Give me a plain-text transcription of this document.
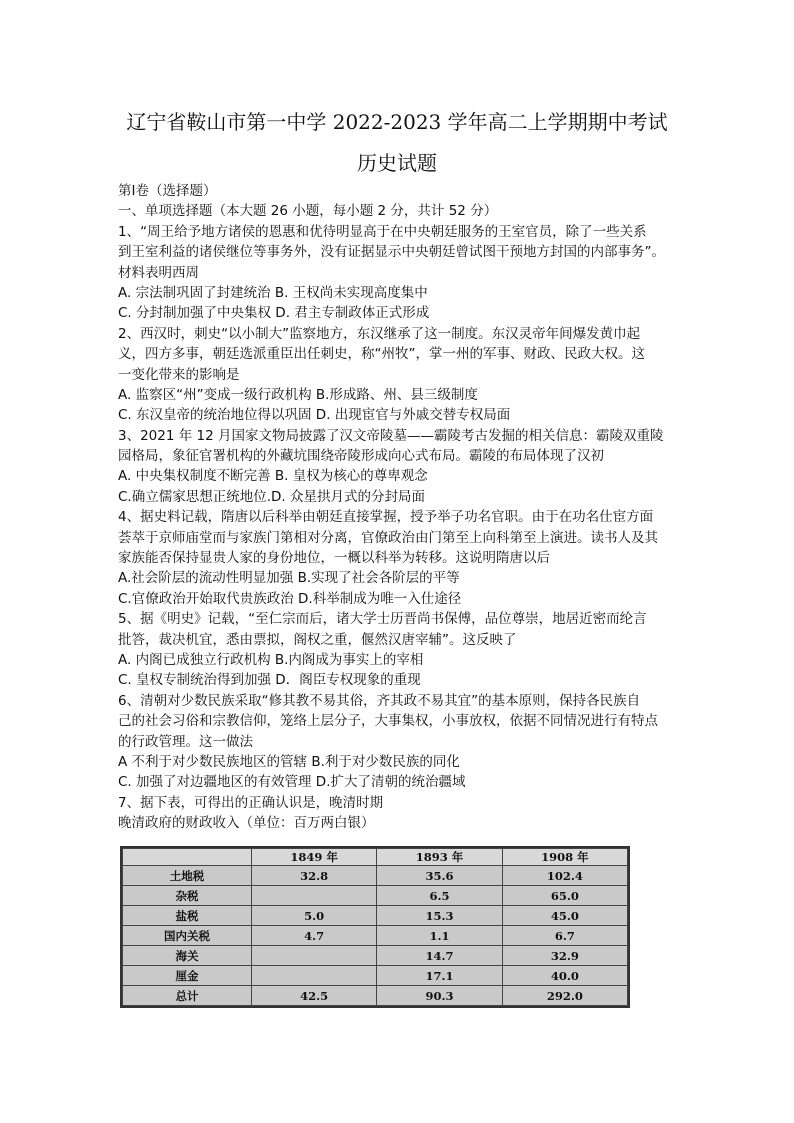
辽宁省鞍山市第一中学 2022-2023 学年高二上学期期中考试
历史试题
第Ⅰ卷（选择题）
一、单项选择题（本大题 26 小题，每小题 2 分，共计 52 分）
1、“周王给予地方诸侯的恩惠和优待明显高于在中央朝廷服务的王室官员，除了一些关系
到王室利益的诸侯继位等事务外，没有证据显示中央朝廷曾试图干预地方封国的内部事务”。
材料表明西周
A. 宗法制巩固了封建统治 B. 王权尚未实现高度集中
C. 分封制加强了中央集权 D. 君主专制政体正式形成
2、西汉时，刺史“以小制大”监察地方，东汉继承了这一制度。东汉灵帝年间爆发黄巾起
义，四方多事，朝廷选派重臣出任刺史，称“州牧”，掌一州的军事、财政、民政大权。这
一变化带来的影响是
A. 监察区“州”变成一级行政机构 B.形成路、州、县三级制度
C. 东汉皇帝的统治地位得以巩固 D. 出现宦官与外戚交替专权局面
3、2021 年 12 月国家文物局披露了汉文帝陵墓——霸陵考古发掘的相关信息：霸陵双重陵
园格局，象征官署机构的外藏坑围绕帝陵形成向心式布局。霸陵的布局体现了汉初
A. 中央集权制度不断完善 B. 皇权为核心的尊卑观念
C.确立儒家思想正统地位.D. 众星拱月式的分封局面
4、据史料记载，隋唐以后科举由朝廷直接掌握，授予举子功名官职。由于在功名仕宦方面
荟萃于京师庙堂而与家族门第相对分离，官僚政治由门第至上向科第至上演进。读书人及其
家族能否保持显贵人家的身份地位，一概以科举为转移。这说明隋唐以后
A.社会阶层的流动性明显加强 B.实现了社会各阶层的平等
C.官僚政治开始取代贵族政治 D.科举制成为唯一入仕途径
5、据《明史》记载，“至仁宗而后，诸大学士历晋尚书保傅，品位尊崇，地居近密而纶言
批答，裁决机宜，悉由票拟，阁权之重，偃然汉唐宰辅”。这反映了
A. 内阁已成独立行政机构 B.内阁成为事实上的宰相
C. 皇权专制统治得到加强 D．阁臣专权现象的重现
6、清朝对少数民族采取“修其教不易其俗，齐其政不易其宜”的基本原则，保持各民族自
己的社会习俗和宗教信仰，笼络上层分子，大事集权，小事放权，依据不同情况进行有特点
的行政管理。这一做法
A 不利于对少数民族地区的管辖 B.利于对少数民族的同化
C. 加强了对边疆地区的有效管理 D.扩大了清朝的统治疆域
7、据下表，可得出的正确认识是，晚清时期
晚清政府的财政收入（单位：百万两白银）
	1849 年	1893 年	1908 年
土地税	32.8	35.6	102.4
杂税		6.5	65.0
盐税	5.0	15.3	45.0
国内关税	4.7	1.1	6.7
海关		14.7	32.9
厘金		17.1	40.0
总计	42.5	90.3	292.0
